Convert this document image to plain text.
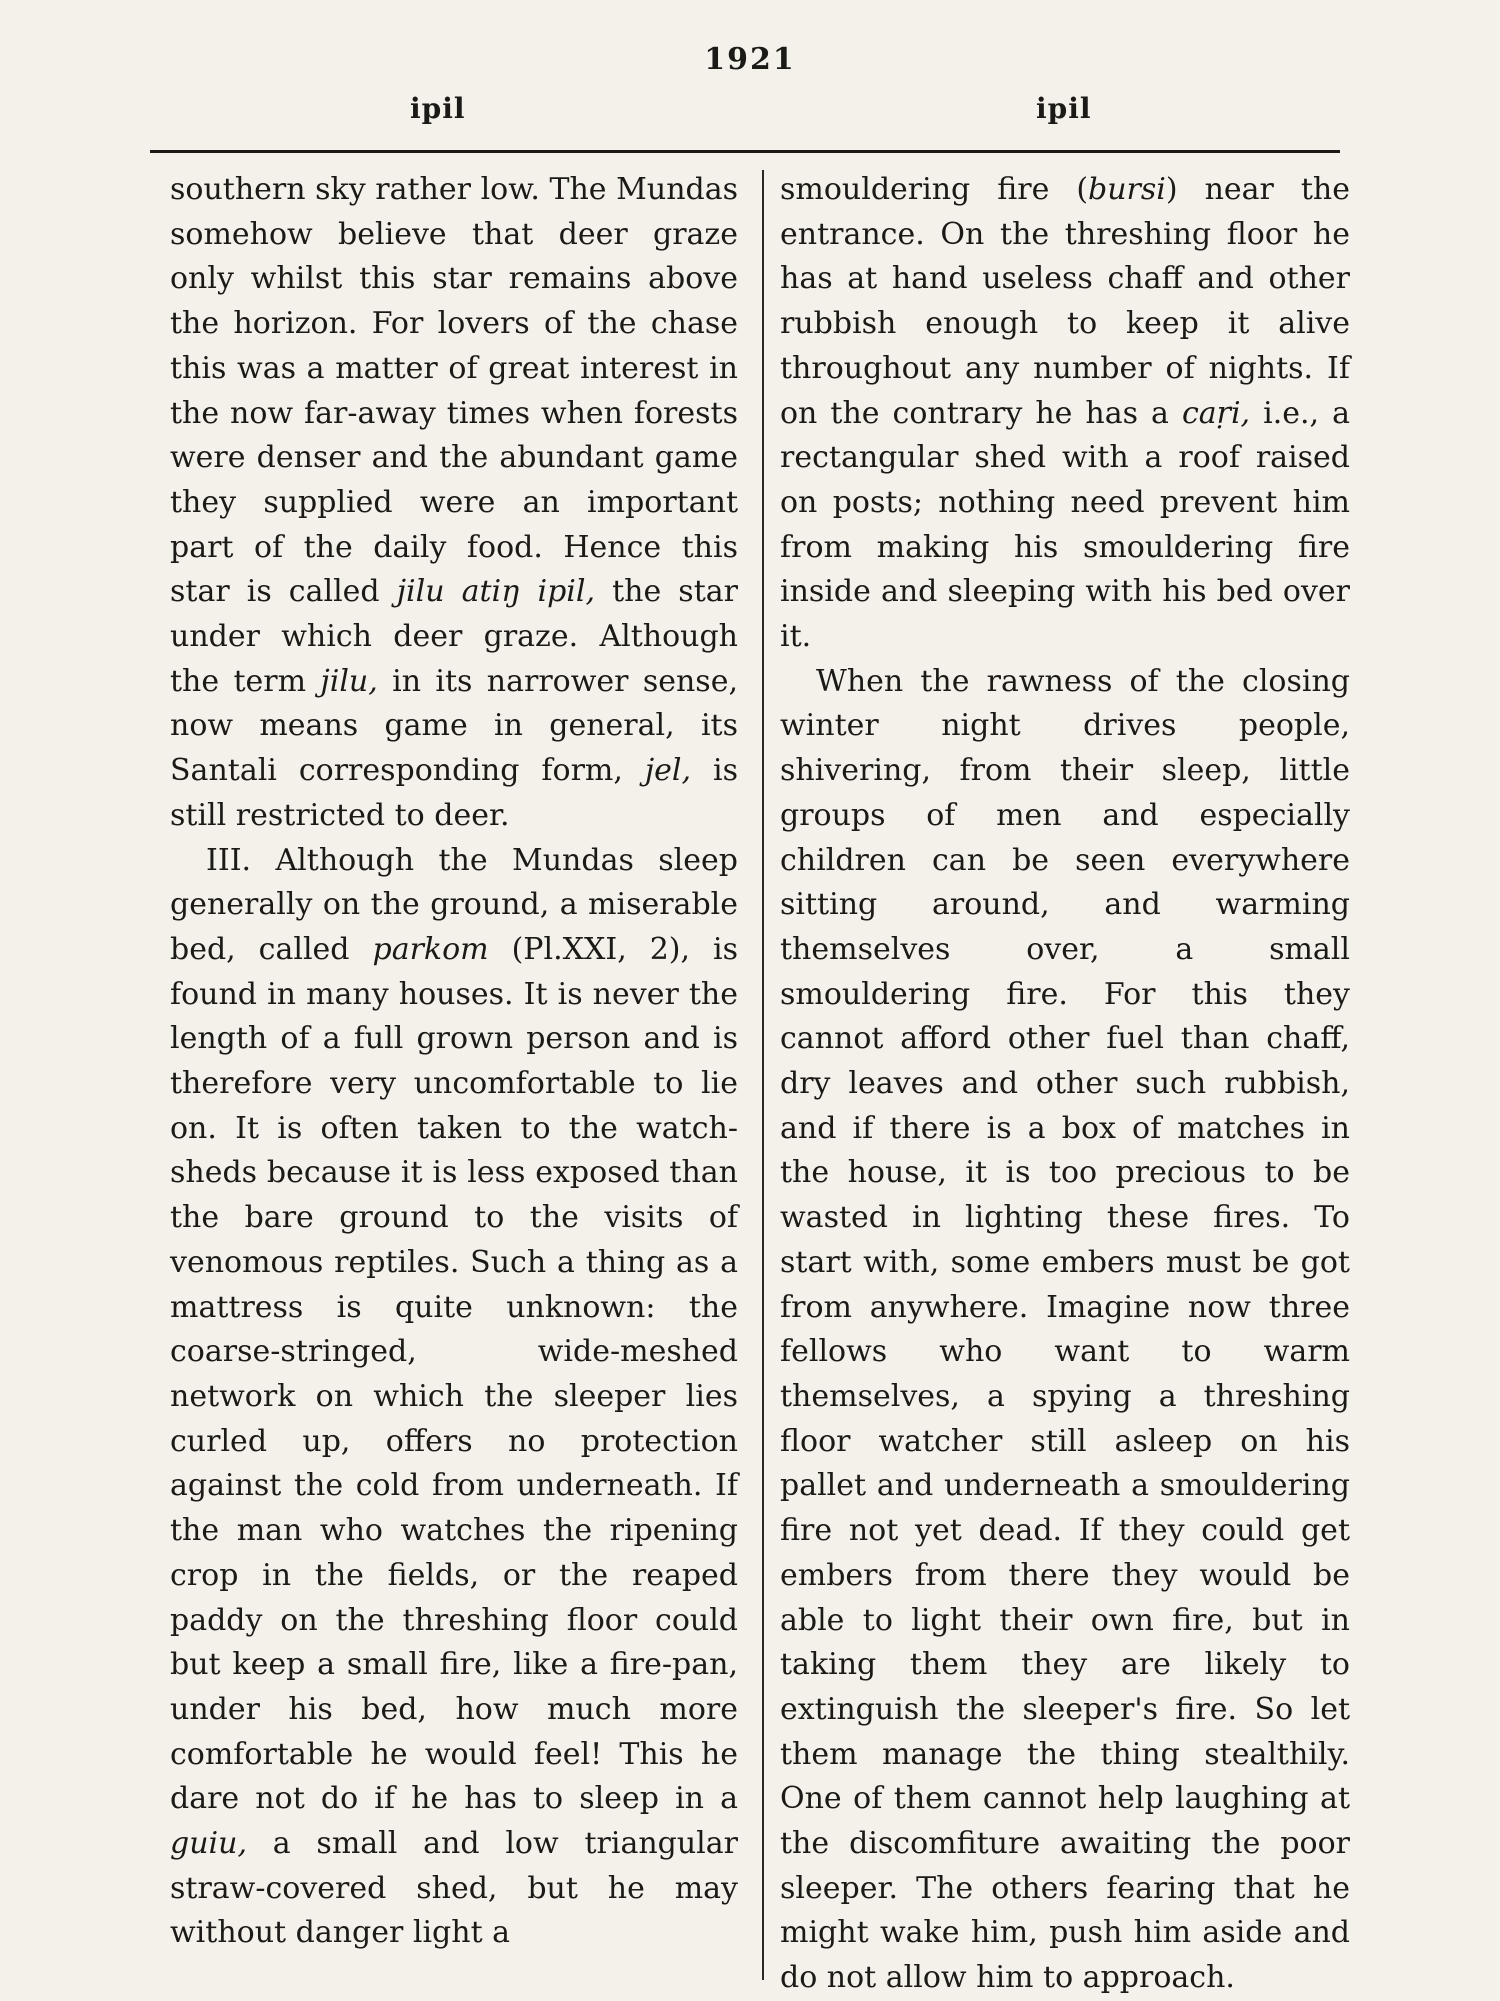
1921
ipil	ipil

southern sky rather low. The Mundas somehow believe that deer graze only whilst this star remains above the horizon. For lovers of the chase this was a matter of great interest in the now far-away times when forests were denser and the abundant game they supplied were an important part of the daily food. Hence this star is called jilu atiŋ ipil, the star under which deer graze. Although the term jilu, in its narrower sense, now means game in general, its Santali corresponding form, jel, is still restricted to deer.

III. Although the Mundas sleep generally on the ground, a miserable bed, called parkom (Pl.XXI, 2), is found in many houses. It is never the length of a full grown person and is therefore very uncomfortable to lie on. It is often taken to the watch-sheds because it is less exposed than the bare ground to the visits of venomous reptiles. Such a thing as a mattress is quite unknown: the coarse-stringed, wide-meshed network on which the sleeper lies curled up, offers no protection against the cold from underneath. If the man who watches the ripening crop in the fields, or the reaped paddy on the threshing floor could but keep a small fire, like a fire-pan, under his bed, how much more comfortable he would feel! This he dare not do if he has to sleep in a guiu, a small and low triangular straw-covered shed, but he may without danger light a

smouldering fire (bursi) near the entrance. On the threshing floor he has at hand useless chaff and other rubbish enough to keep it alive throughout any number of nights. If on the contrary he has a caṛi, i.e., a rectangular shed with a roof raised on posts; nothing need prevent him from making his smouldering fire inside and sleeping with his bed over it.

When the rawness of the closing winter night drives people, shivering, from their sleep, little groups of men and especially children can be seen everywhere sitting around, and warming themselves over, a small smouldering fire. For this they cannot afford other fuel than chaff, dry leaves and other such rubbish, and if there is a box of matches in the house, it is too precious to be wasted in lighting these fires. To start with, some embers must be got from anywhere. Imagine now three fellows who want to warm themselves, a spying a threshing floor watcher still asleep on his pallet and underneath a smouldering fire not yet dead. If they could get embers from there they would be able to light their own fire, but in taking them they are likely to extinguish the sleeper's fire. So let them manage the thing stealthily. One of them cannot help laughing at the discomfiture awaiting the poor sleeper. The others fearing that he might wake him, push him aside and do not allow him to approach.
